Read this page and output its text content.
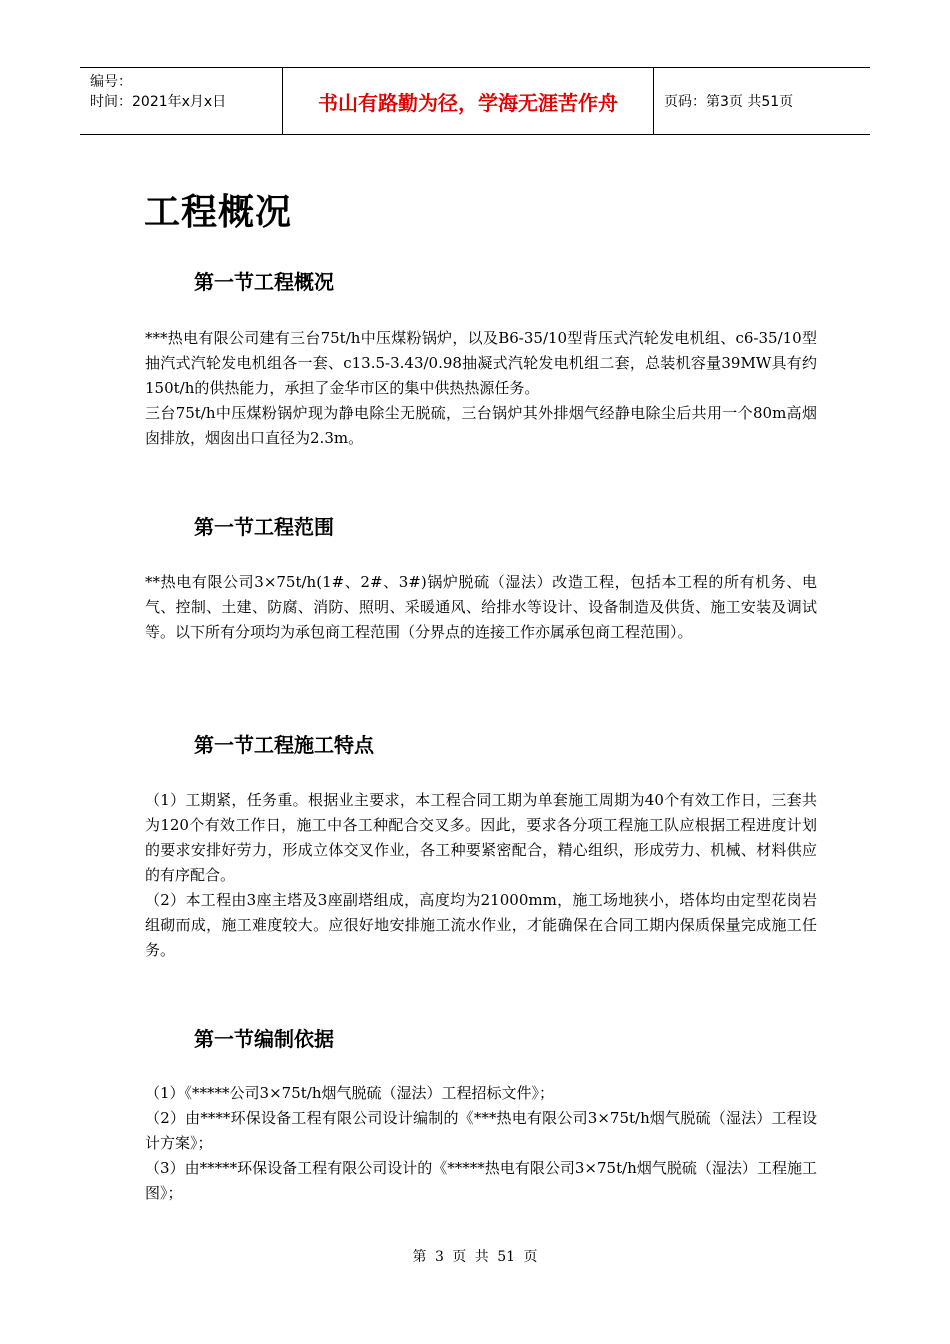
编号：
时间：2021年x月x日	书山有路勤为径，学海无涯苦作舟	页码：第3页 共51页
工程概况
第一节工程概况

***热电有限公司建有三台75t/h中压煤粉锅炉，以及B6-35/10型背压式汽轮发电机组、c6-35/10型抽汽式汽轮发电机组各一套、c13.5-3.43/0.98抽凝式汽轮发电机组二套，总装机容量39MW具有约150t/h的供热能力，承担了金华市区的集中供热热源任务。

三台75t/h中压煤粉锅炉现为静电除尘无脱硫，三台锅炉其外排烟气经静电除尘后共用一个80m高烟囱排放，烟囱出口直径为2.3m。

第一节工程范围

**热电有限公司3×75t/h(1#、2#、3#)锅炉脱硫（湿法）改造工程，包括本工程的所有机务、电气、控制、土建、防腐、消防、照明、采暖通风、给排水等设计、设备制造及供货、施工安装及调试等。以下所有分项均为承包商工程范围（分界点的连接工作亦属承包商工程范围）。

第一节工程施工特点

（1）工期紧，任务重。根据业主要求，本工程合同工期为单套施工周期为40个有效工作日，三套共为120个有效工作日，施工中各工种配合交叉多。因此，要求各分项工程施工队应根据工程进度计划的要求安排好劳力，形成立体交叉作业，各工种要紧密配合，精心组织，形成劳力、机械、材料供应的有序配合。

（2）本工程由3座主塔及3座副塔组成，高度均为21000mm，施工场地狭小，塔体均由定型花岗岩组砌而成，施工难度较大。应很好地安排施工流水作业，才能确保在合同工期内保质保量完成施工任务。

第一节编制依据

（1）《*****公司3×75t/h烟气脱硫（湿法）工程招标文件》；

（2）由****环保设备工程有限公司设计编制的《***热电有限公司3×75t/h烟气脱硫（湿法）工程设计方案》；

（3）由*****环保设备工程有限公司设计的《*****热电有限公司3×75t/h烟气脱硫（湿法）工程施工图》；

第 3 页 共 51 页
